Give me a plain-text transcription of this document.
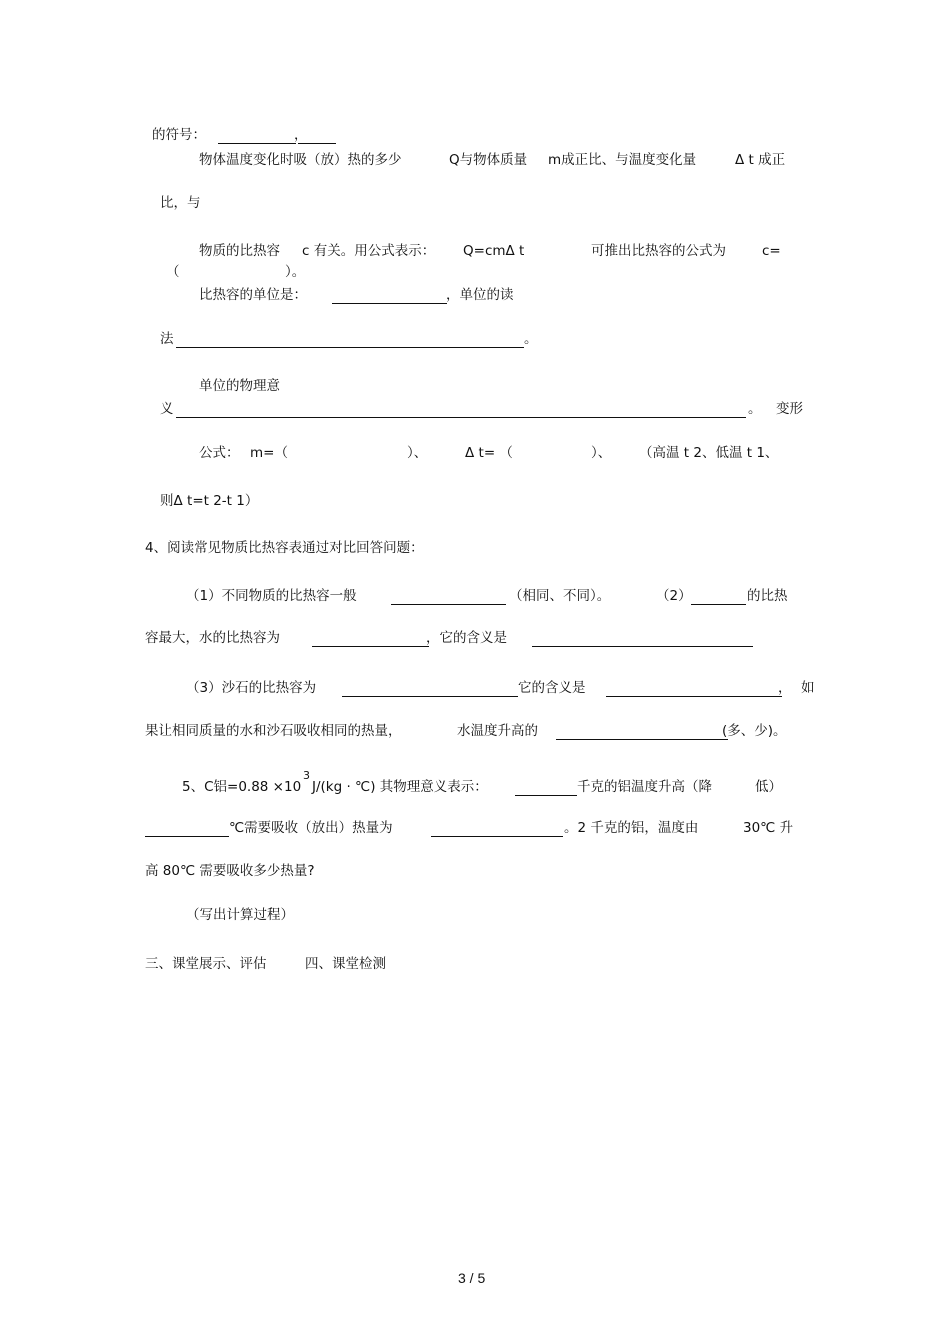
的符号：	，
物体温度变化时吸（放）热的多少	Q与物体质量 m成正比、与温度变化量	Δ t 成正
比，与
物质的比热容 c 有关。用公式表示： Q=cmΔ t	可推出比热容的公式为	c=
（	）。
比热容的单位是：	，单位的读
法	。
单位的物理意
义	。 变形
公式： m=（	）、	Δ t= （	）、 （高温 t 2、低温 t 1、
则Δ t=t 2-t 1）
4、阅读常见物质比热容表通过对比回答问题：
（1）不同物质的比热容一般	（相同、不同）。	（2）	的比热
容最大，水的比热容为	，它的含义是
（3）沙石的比热容为	它的含义是	， 如
果让相同质量的水和沙石吸收相同的热量，	水温度升高的	(多、少)。
5、C铝=0.88 ×10
3
J/(kg · ℃) 其物理意义表示：	千克的铝温度升高（降	低）
℃需要吸收（放出）热量为	。2 千克的铝，温度由	30℃ 升
高 80℃ 需要吸收多少热量?
（写出计算过程）
三、课堂展示、评估	四、课堂检测
3 / 5
